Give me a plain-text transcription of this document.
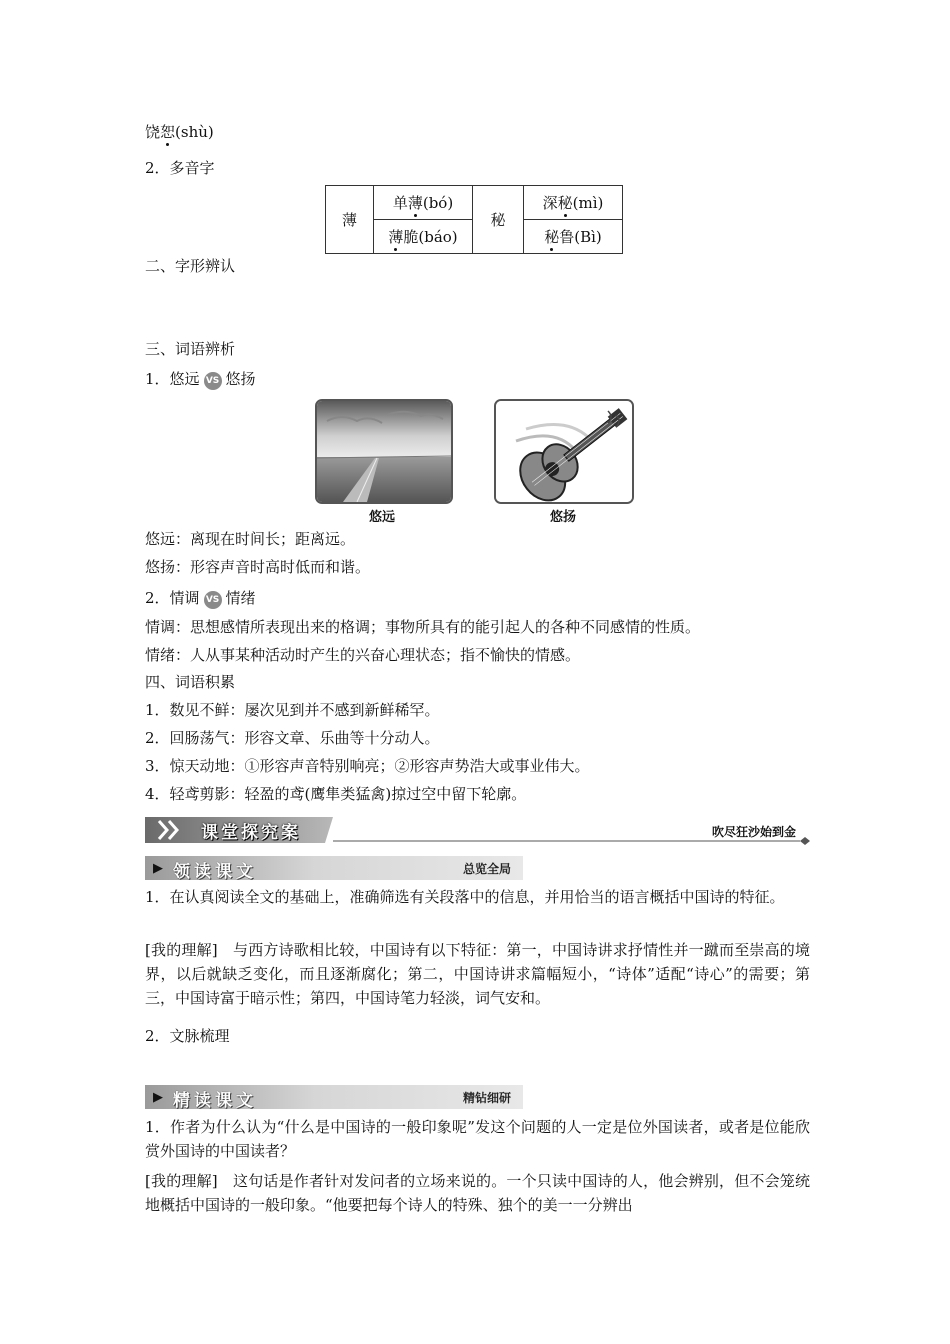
饶恕(shù)
2．多音字
薄	单薄(bó)	秘	深秘(mì)
	薄脆(báo)		秘鲁(Bì)
二、字形辨认
三、词语辨析
1．悠远 VS 悠扬
悠远	悠扬
悠远：离现在时间长；距离远。
悠扬：形容声音时高时低而和谐。
2．情调 VS 情绪
情调：思想感情所表现出来的格调；事物所具有的能引起人的各种不同感情的性质。
情绪：人从事某种活动时产生的兴奋心理状态；指不愉快的情感。
四、词语积累
1．数见不鲜：屡次见到并不感到新鲜稀罕。
2．回肠荡气：形容文章、乐曲等十分动人。
3．惊天动地：①形容声音特别响亮；②形容声势浩大或事业伟大。
4．轻鸢剪影：轻盈的鸢(鹰隼类猛禽)掠过空中留下轮廓。
课堂探究案	吹尽狂沙始到金
▶ 领读课文	总览全局
1．在认真阅读全文的基础上，准确筛选有关段落中的信息，并用恰当的语言概括中国诗的特征。
[我的理解]　与西方诗歌相比较，中国诗有以下特征：第一，中国诗讲求抒情性并一蹴而至崇高的境界，以后就缺乏变化，而且逐渐腐化；第二，中国诗讲求篇幅短小，“诗体”适配“诗心”的需要；第三，中国诗富于暗示性；第四，中国诗笔力轻淡，词气安和。
2．文脉梳理
▶ 精读课文	精钻细研
1．作者为什么认为“什么是中国诗的一般印象呢”发这个问题的人一定是位外国读者，或者是位能欣赏外国诗的中国读者？
[我的理解]　这句话是作者针对发问者的立场来说的。一个只读中国诗的人，他会辨别，但不会笼统地概括中国诗的一般印象。“他要把每个诗人的特殊、独个的美一一分辨出
